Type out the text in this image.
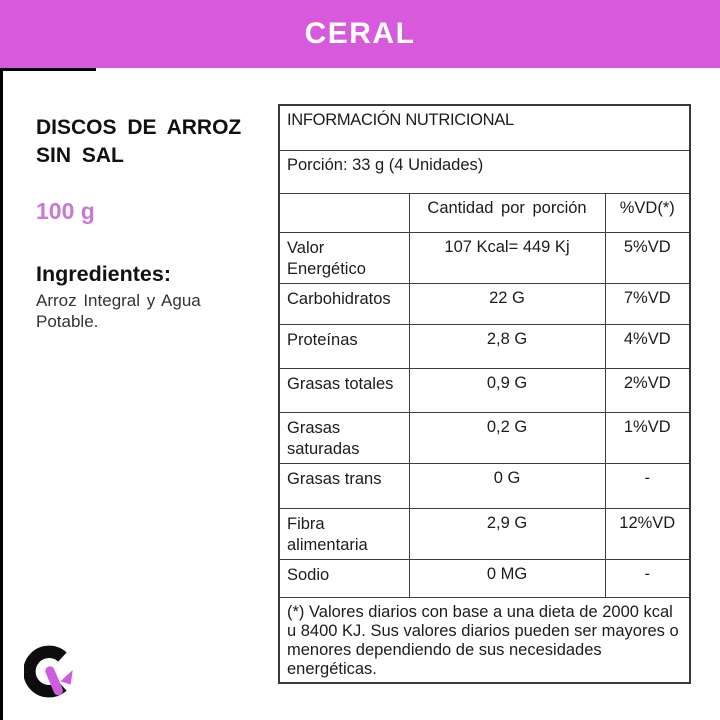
CERAL
DISCOS DE ARROZ
SIN SAL
100 g
Ingredientes:
Arroz Integral y Agua Potable.
INFORMACIÓN NUTRICIONAL		
Porción: 33 g (4 Unidades)		
	Cantidad por porción	%VD(*)
Valor Energético	107 Kcal= 449 Kj	5%VD
Carbohidratos	22 G	7%VD
Proteínas	2,8 G	4%VD
Grasas totales	0,9 G	2%VD
Grasas saturadas	0,2 G	1%VD
Grasas trans	0 G	-
Fibra alimentaria	2,9 G	12%VD
Sodio	0 MG	-
(*) Valores diarios con base a una dieta de 2000 kcal u 8400 KJ. Sus valores diarios pueden ser mayores o menores dependiendo de sus necesidades energéticas.		
